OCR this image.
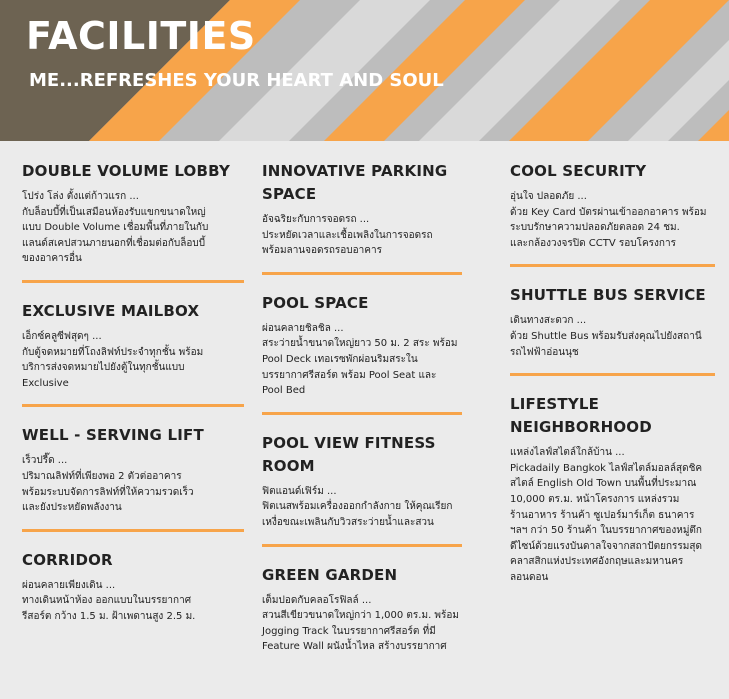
FACILITIES
ME...REFRESHES YOUR HEART AND SOUL
DOUBLE VOLUME LOBBY

โปร่ง โล่ง ตั้งแต่ก้าวแรก ...
กับล็อบบี้ที่เป็นเสมือนห้องรับแขกขนาดใหญ่
แบบ Double Volume เชื่อมพื้นที่ภายในกับ
แลนด์สเคปสวนภายนอกที่เชื่อมต่อกับล็อบบี้
ของอาคารอื่น

EXCLUSIVE MAILBOX

เอ็กซ์คลูซีฟสุดๆ ...
กับตู้จดหมายที่โถงลิฟท์ประจำทุกชั้น พร้อม
บริการส่งจดหมายไปยังตู้ในทุกชั้นแบบ
Exclusive

WELL - SERVING LIFT

เร็วปรี๊ด ...
ปริมาณลิฟท์ที่เพียงพอ 2 ตัวต่ออาคาร
พร้อมระบบจัดการลิฟท์ที่ให้ความรวดเร็ว
และยังประหยัดพลังงาน

CORRIDOR

ผ่อนคลายเพียงเดิน ...
ทางเดินหน้าห้อง ออกแบบในบรรยากาศ
รีสอร์ต กว้าง 1.5 ม. ฝ้าเพดานสูง 2.5 ม.

INNOVATIVE PARKING SPACE

อัจฉริยะกับการจอดรถ ...
ประหยัดเวลาและเชื้อเพลิงในการจอดรถ
พร้อมลานจอดรถรอบอาคาร

POOL SPACE

ผ่อนคลายชิลชิล ...
สระว่ายน้ำขนาดใหญ่ยาว 50 ม. 2 สระ พร้อม
Pool Deck เทอเรซพักผ่อนริมสระใน
บรรยากาศรีสอร์ต พร้อม Pool Seat และ
Pool Bed

POOL VIEW FITNESS ROOM

ฟิตแอนด์เฟิร์ม ...
ฟิตเนสพร้อมเครื่องออกกำลังกาย ให้คุณเรียก
เหงื่อขณะเพลินกับวิวสระว่ายน้ำและสวน

GREEN GARDEN

เต็มปอดกับคลอโรฟิลล์ ...
สวนสีเขียวขนาดใหญ่กว่า 1,000 ตร.ม. พร้อม
Jogging Track ในบรรยากาศรีสอร์ต ที่มี
Feature Wall ผนังน้ำไหล สร้างบรรยากาศ

COOL SECURITY

อุ่นใจ ปลอดภัย ...
ด้วย Key Card บัตรผ่านเข้าออกอาคาร พร้อม
ระบบรักษาความปลอดภัยตลอด 24 ชม.
และกล้องวงจรปิด CCTV รอบโครงการ

SHUTTLE BUS SERVICE

เดินทางสะดวก ...
ด้วย Shuttle Bus พร้อมรับส่งคุณไปยังสถานี
รถไฟฟ้าอ่อนนุช

LIFESTYLE NEIGHBORHOOD

แหล่งไลฟ์สไตล์ใกล้บ้าน ...
Pickadaily Bangkok ไลฟ์สไตล์มอลล์สุดชิค
สไตล์ English Old Town บนพื้นที่ประมาณ
10,000 ตร.ม. หน้าโครงการ แหล่งรวม
ร้านอาหาร ร้านค้า ซูเปอร์มาร์เก็ต ธนาคาร
ฯลฯ กว่า 50 ร้านค้า ในบรรยากาศของหมู่ตึก
ดีไซน์ด้วยแรงบันดาลใจจากสถาปัตยกรรมสุด
คลาสสิกแห่งประเทศอังกฤษและมหานคร
ลอนดอน
